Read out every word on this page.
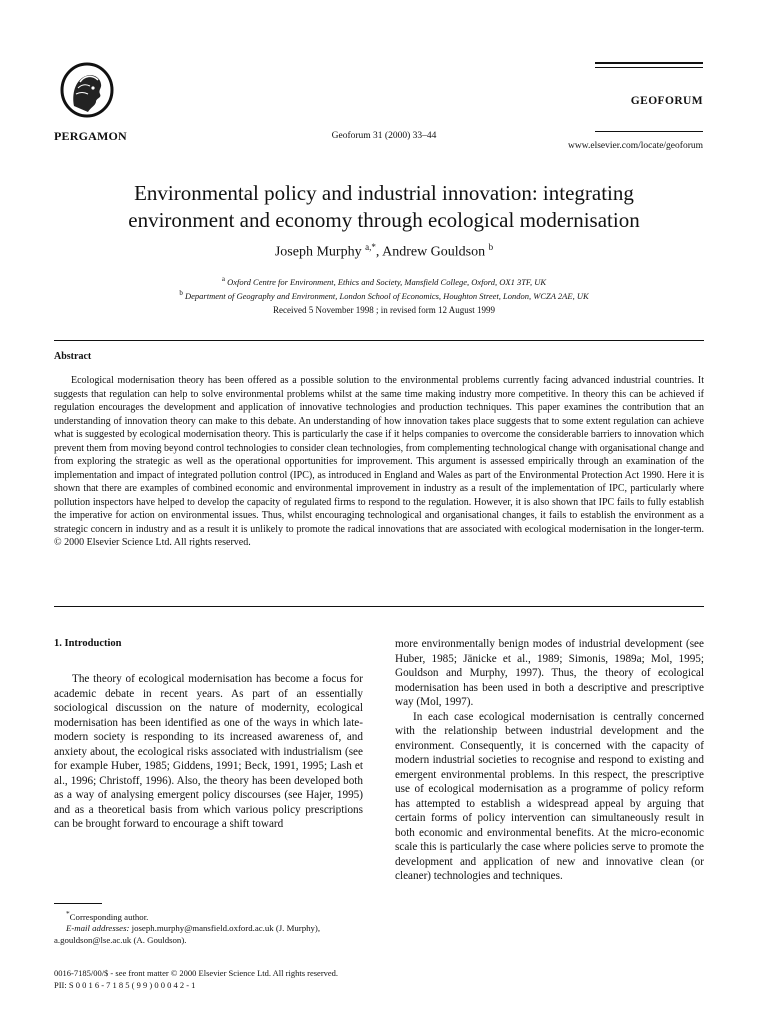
PERGAMON	Geoforum 31 (2000) 33–44
GEOFORUM
www.elsevier.com/locate/geoforum
Environmental policy and industrial innovation: integrating
environment and economy through ecological modernisation
Joseph Murphy $^{a,*}$, Andrew Gouldson $^b$
$^a$ Oxford Centre for Environment, Ethics and Society, Mansfield College, Oxford, OX1 3TF, UK
$^b$ Department of Geography and Environment, London School of Economics, Houghton Street, London, WCZA 2AE, UK
Received 5 November 1998 ; in revised form 12 August 1999
Abstract
Ecological modernisation theory has been offered as a possible solution to the environmental problems currently facing advanced industrial countries. It suggests that regulation can help to solve environmental problems whilst at the same time making industry more competitive. In theory this can be achieved if regulation encourages the development and application of innovative technologies and production techniques. This paper examines the contribution that an understanding of innovation theory can make to this debate. An understanding of how innovation takes place suggests that to some extent regulation can achieve what is suggested by ecological modernisation theory. This is particularly the case if it helps companies to overcome the considerable barriers to innovation which prevent them from moving beyond control technologies to consider clean technologies, from complementing technological change with organisational change and from exploring the strategic as well as the operational opportunities for improvement. This argument is assessed empirically through an examination of the implementation and impact of integrated pollution control (IPC), as introduced in England and Wales as part of the Environmental Protection Act 1990. Here it is shown that there are examples of combined economic and environmental improvement in industry as a result of the implementation of IPC, particularly where pollution inspectors have helped to develop the capacity of regulated firms to respond to the regulation. However, it is also shown that IPC fails to fully establish the imperative for action on environmental issues. Thus, whilst encouraging technological and organisational changes, it fails to establish the environment as a strategic concern in industry and as a result it is unlikely to promote the radical innovations that are associated with ecological modernisation in the longer-term. © 2000 Elsevier Science Ltd. All rights reserved.
1. Introduction
The theory of ecological modernisation has become a focus for academic debate in recent years. As part of an essentially sociological discussion on the nature of modernity, ecological modernisation has been identified as one of the ways in which late-modern society is responding to its increased awareness of, and anxiety about, the ecological risks associated with industrialism (see for example Huber, 1985; Giddens, 1991; Beck, 1991, 1995; Lash et al., 1996; Christoff, 1996). Also, the theory has been developed both as a way of analysing emergent policy discourses (see Hajer, 1995) and as a theoretical basis from which various policy prescriptions can be brought forward to encourage a shift toward

more environmentally benign modes of industrial development (see Huber, 1985; Jänicke et al., 1989; Simonis, 1989a; Mol, 1995; Gouldson and Murphy, 1997). Thus, the theory of ecological modernisation has been used in both a descriptive and prescriptive way (Mol, 1997).

In each case ecological modernisation is centrally concerned with the relationship between industrial development and the environment. Consequently, it is concerned with the capacity of modern industrial societies to recognise and respond to existing and emergent environmental problems. In this respect, the prescriptive use of ecological modernisation as a programme of policy reform has attempted to establish a widespread appeal by arguing that certain forms of policy intervention can simultaneously result in both economic and environmental benefits. At the micro-economic scale this is particularly the case where policies serve to promote the development and application of new and innovative clean (or cleaner) technologies and techniques.

*Corresponding author.
E-mail addresses: joseph.murphy@mansfield.oxford.ac.uk (J. Murphy), a.gouldson@lse.ac.uk (A. Gouldson).
0016-7185/00/$ - see front matter © 2000 Elsevier Science Ltd. All rights reserved.
PII: S 0 0 1 6 - 7 1 8 5 ( 9 9 ) 0 0 0 4 2 - 1
